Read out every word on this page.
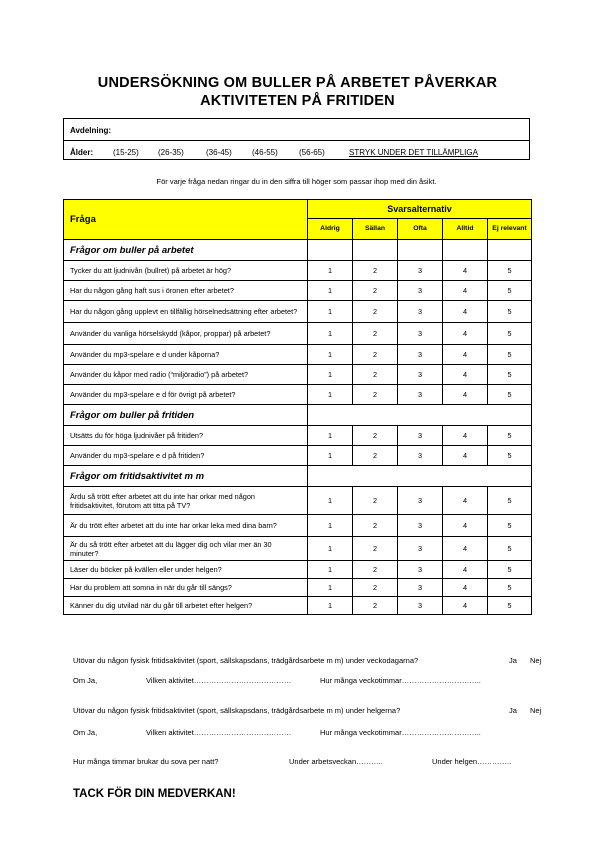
UNDERSÖKNING OM BULLER PÅ ARBETET PÅVERKAR
AKTIVITETEN PÅ FRITIDEN
Avdelning:
Ålder: (15-25) (26-35)	(36-45)	(46-55)	(56-65)	STRYK UNDER DET TILLÄMPLIGA
För varje fråga nedan ringar du in den siffra till höger som passar ihop med din åsikt.
Fråga	Svarsalternativ				
	Aldrig	Sällan	Ofta	Alltid	Ej relevant
Frågor om buller på arbetet					
Tycker du att ljudnivån (bullret) på arbetet är hög?	1	2	3	4	5
Har du någon gång haft sus i öronen efter arbetet?	1	2	3	4	5
Har du någon gång upplevt en tillfällig hörselnedsättning efter arbetet?	1	2	3	4	5
Använder du vanliga hörselskydd (kåpor, proppar) på arbetet?	1	2	3	4	5
Använder du mp3-spelare e d under kåporna?	1	2	3	4	5
Använder du kåpor med radio (“miljöradio”) på arbetet?	1	2	3	4	5
Använder du mp3-spelare e d för övrigt på arbetet?	1	2	3	4	5
Frågor om buller på fritiden					
Utsätts du för höga ljudnivåer på fritiden?	1	2	3	4	5
Använder du mp3-spelare e d på fritiden?	1	2	3	4	5
Frågor om fritidsaktivitet m m					
Ärdu så trött efter arbetet att du inte har orkar med någon fritidsaktivitet, förutom att titta på TV?	1	2	3	4	5
Är du trött efter arbetet att du inte har orkar leka med dina barn?	1	2	3	4	5
Är du så trött efter arbetet att du lägger dig och vilar mer än 30 minuter?	1	2	3	4	5
Läser du böcker på kvällen eller under helgen?	1	2	3	4	5
Har du problem att somna in när du går till sängs?	1	2	3	4	5
Känner du dig utvilad när du går till arbetet efter helgen?	1	2	3	4	5
Utövar du någon fysisk fritidsaktivitet (sport, sällskapsdans, trädgårdsarbete m m) under veckodagarna?	Ja Nej
Om Ja,	Vilken aktivitet…………………………………	Hur många veckotimmar…………………………..
Utövar du någon fysisk fritidsaktivitet (sport, sällskapsdans, trädgårdsarbete m m) under helgerna?	Ja Nej
Om Ja,	Vilken aktivitet…………………………………	Hur många veckotimmar…………………………..
Hur många timmar brukar du sova per natt?	Under arbetsveckan………..	Under helgen…………..
TACK FÖR DIN MEDVERKAN!
